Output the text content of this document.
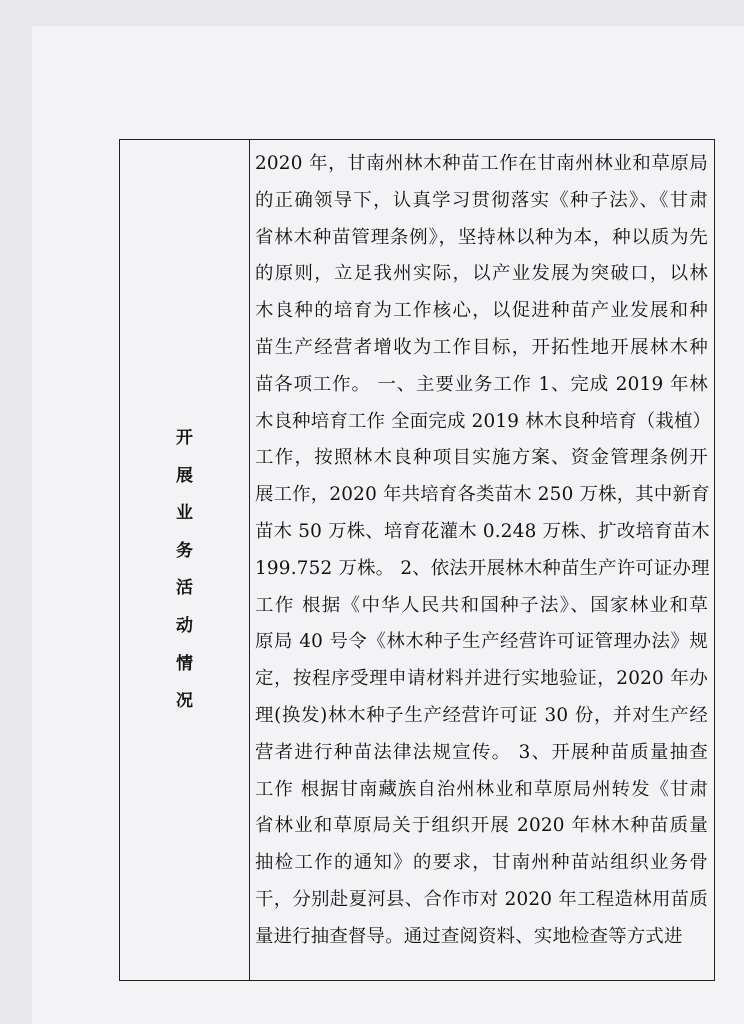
开
展
业
务
活
动
情
况
2020 年，甘南州林木种苗工作在甘南州林业和草原局
的正确领导下，认真学习贯彻落实《种子法》、《甘肃
省林木种苗管理条例》，坚持林以种为本，种以质为先
的原则，立足我州实际，以产业发展为突破口，以林
木良种的培育为工作核心，以促进种苗产业发展和种
苗生产经营者增收为工作目标，开拓性地开展林木种
苗各项工作。 一、主要业务工作 1、完成 2019 年林
木良种培育工作 全面完成 2019 林木良种培育（栽植）
工作，按照林木良种项目实施方案、资金管理条例开
展工作，2020 年共培育各类苗木 250 万株，其中新育
苗木 50 万株、培育花灌木 0.248 万株、扩改培育苗木
199.752 万株。 2、依法开展林木种苗生产许可证办理
工作 根据《中华人民共和国种子法》、国家林业和草
原局 40 号令《林木种子生产经营许可证管理办法》规
定，按程序受理申请材料并进行实地验证，2020 年办
理(换发)林木种子生产经营许可证 30 份，并对生产经
营者进行种苗法律法规宣传。 3、开展种苗质量抽查
工作 根据甘南藏族自治州林业和草原局州转发《甘肃
省林业和草原局关于组织开展 2020 年林木种苗质量
抽检工作的通知》的要求，甘南州种苗站组织业务骨
干，分别赴夏河县、合作市对 2020 年工程造林用苗质
量进行抽查督导。通过查阅资料、实地检查等方式进
